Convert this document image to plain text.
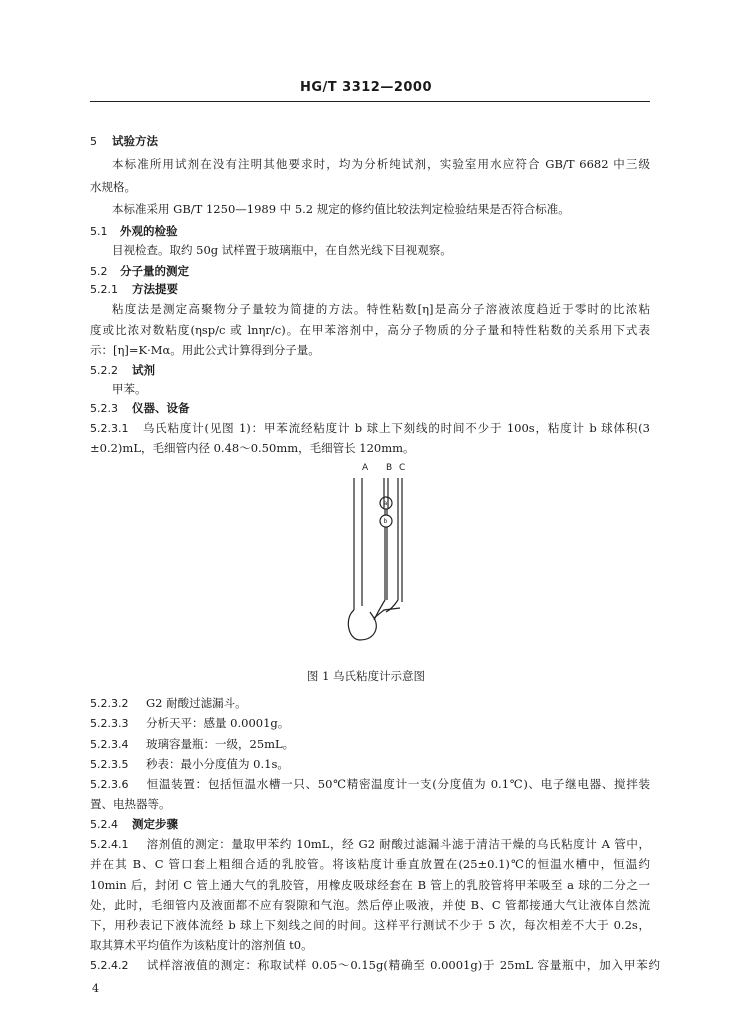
HG/T 3312—2000
5 试验方法
本标准所用试剂在没有注明其他要求时，均为分析纯试剂，实验室用水应符合 GB/T 6682 中三级
水规格。
本标准采用 GB/T 1250—1989 中 5.2 规定的修约值比较法判定检验结果是否符合标准。
5.1 外观的检验
目视检查。取约 50g 试样置于玻璃瓶中，在自然光线下目视观察。
5.2 分子量的测定
5.2.1 方法提要
粘度法是测定高聚物分子量较为简捷的方法。特性粘数[η]是高分子溶液浓度趋近于零时的比浓粘
度或比浓对数粘度(ηsp/c 或 lnηr/c)。在甲苯溶剂中，高分子物质的分子量和特性粘数的关系用下式表
示：[η]=K·Mα。用此公式计算得到分子量。
5.2.2 试剂
甲苯。
5.2.3 仪器、设备
5.2.3.1 乌氏粘度计(见图 1)：甲苯流经粘度计 b 球上下刻线的时间不少于 100s，粘度计 b 球体积(3
±0.2)mL，毛细管内径 0.48～0.50mm，毛细管长 120mm。
A B C
a
b
图 1 乌氏粘度计示意图
5.2.3.2 G2 耐酸过滤漏斗。
5.2.3.3 分析天平：感量 0.0001g。
5.2.3.4 玻璃容量瓶：一级，25mL。
5.2.3.5 秒表：最小分度值为 0.1s。
5.2.3.6 恒温装置：包括恒温水槽一只、50℃精密温度计一支(分度值为 0.1℃)、电子继电器、搅拌装
置、电热器等。
5.2.4 测定步骤
5.2.4.1 溶剂值的测定：量取甲苯约 10mL，经 G2 耐酸过滤漏斗滤于清洁干燥的乌氏粘度计 A 管中，
并在其 B、C 管口套上粗细合适的乳胶管。将该粘度计垂直放置在(25±0.1)℃的恒温水槽中，恒温约
10min 后，封闭 C 管上通大气的乳胶管，用橡皮吸球经套在 B 管上的乳胶管将甲苯吸至 a 球的二分之一
处，此时，毛细管内及液面都不应有裂隙和气泡。然后停止吸液，并使 B、C 管都接通大气让液体自然流
下，用秒表记下液体流经 b 球上下刻线之间的时间。这样平行测试不少于 5 次，每次相差不大于 0.2s，
取其算术平均值作为该粘度计的溶剂值 t0。
5.2.4.2 试样溶液值的测定：称取试样 0.05～0.15g(精确至 0.0001g)于 25mL 容量瓶中，加入甲苯约
4
